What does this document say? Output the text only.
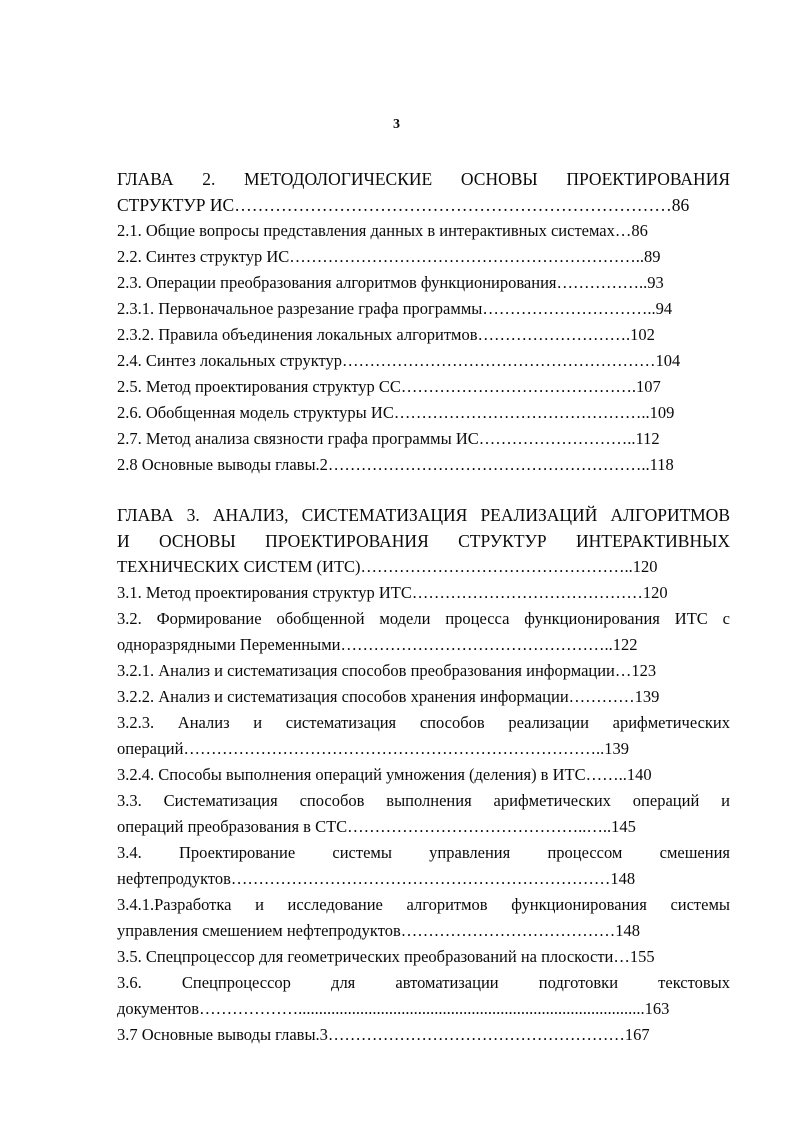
3
ГЛАВА 2. МЕТОДОЛОГИЧЕСКИЕ ОСНОВЫ ПРОЕКТИРОВАНИЯ
СТРУКТУР ИС…………………………………………………………………86
2.1. Общие вопросы представления данных в интерактивных системах…86
2.2. Синтез структур ИС………………………………………………………..89
2.3. Операции преобразования алгоритмов функционирования……………..93
2.3.1. Первоначальное разрезание графа программы…………………………..94
2.3.2. Правила объединения локальных алгоритмов……………………….102
2.4. Синтез локальных структур…………………………………………………104
2.5. Метод проектирования структур СС…………………………………….107
2.6. Обобщенная модель структуры ИС………………………………………..109
2.7. Метод анализа связности графа программы ИС………………………..112
2.8 Основные выводы главы.2…………………………………………………..118
ГЛАВА 3. АНАЛИЗ, СИСТЕМАТИЗАЦИЯ РЕАЛИЗАЦИЙ АЛГОРИТМОВ
И ОСНОВЫ ПРОЕКТИРОВАНИЯ СТРУКТУР ИНТЕРАКТИВНЫХ
ТЕХНИЧЕСКИХ СИСТЕМ (ИТС)…………………………………………..120
3.1. Метод проектирования структур ИТС……………………………………120
3.2. Формирование обобщенной модели процесса функционирования ИТС с
одноразрядными Переменными…………………………………………..122
3.2.1. Анализ и систематизация способов преобразования информации…123
3.2.2. Анализ и систематизация способов хранения информации…………139
3.2.3. Анализ и систематизация способов реализации арифметических
операций…………………………………………………………………..139
3.2.4. Способы выполнения операций умножения (деления) в ИТС……..140
3.3. Систематизация способов выполнения арифметических операций и
операций преобразования в СТС……………………………………..…..145
3.4. Проектирование системы управления процессом смешения
нефтепродуктов……………………………………………………………148
3.4.1.Разработка и исследование алгоритмов функционирования системы
управления смешением нефтепродуктов…………………………………148
3.5. Спецпроцессор для геометрических преобразований на плоскости…155
3.6. Спецпроцессор для автоматизации подготовки текстовых
документов………………....................................................................................163
3.7 Основные выводы главы.3………………………………………………167
